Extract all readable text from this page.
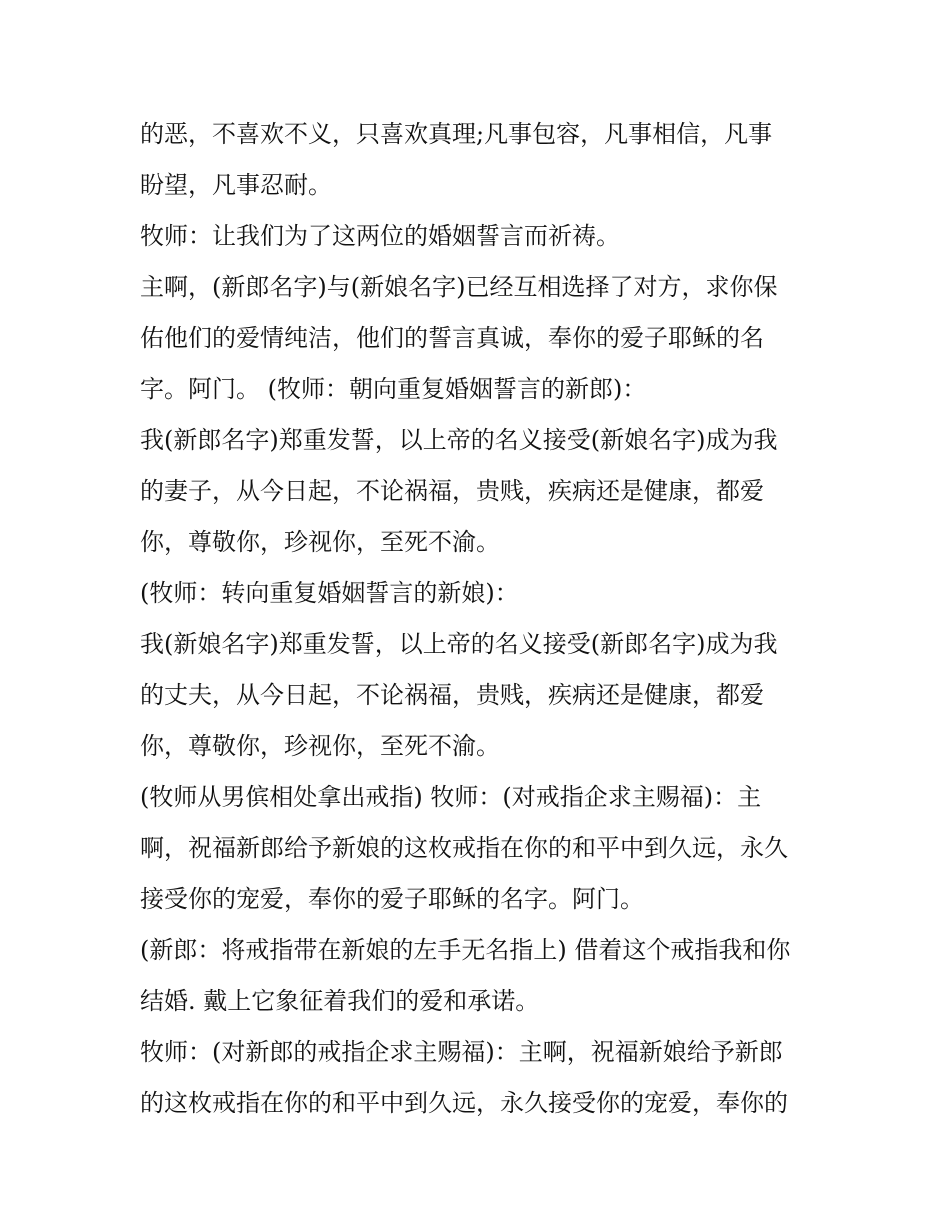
的恶，不喜欢不义，只喜欢真理;凡事包容，凡事相信，凡事
盼望，凡事忍耐。
牧师：让我们为了这两位的婚姻誓言而祈祷。
主啊，(新郎名字)与(新娘名字)已经互相选择了对方，求你保
佑他们的爱情纯洁，他们的誓言真诚，奉你的爱子耶稣的名
字。阿门。 (牧师：朝向重复婚姻誓言的新郎)：
我(新郎名字)郑重发誓，以上帝的名义接受(新娘名字)成为我
的妻子，从今日起，不论祸福，贵贱，疾病还是健康，都爱
你，尊敬你，珍视你，至死不渝。
(牧师：转向重复婚姻誓言的新娘)：
我(新娘名字)郑重发誓，以上帝的名义接受(新郎名字)成为我
的丈夫，从今日起，不论祸福，贵贱，疾病还是健康，都爱
你，尊敬你，珍视你，至死不渝。
(牧师从男傧相处拿出戒指) 牧师：(对戒指企求主赐福)：主
啊，祝福新郎给予新娘的这枚戒指在你的和平中到久远，永久
接受你的宠爱，奉你的爱子耶稣的名字。阿门。
(新郎：将戒指带在新娘的左手无名指上) 借着这个戒指我和你
结婚. 戴上它象征着我们的爱和承诺。
牧师：(对新郎的戒指企求主赐福)：主啊，祝福新娘给予新郎
的这枚戒指在你的和平中到久远，永久接受你的宠爱，奉你的
